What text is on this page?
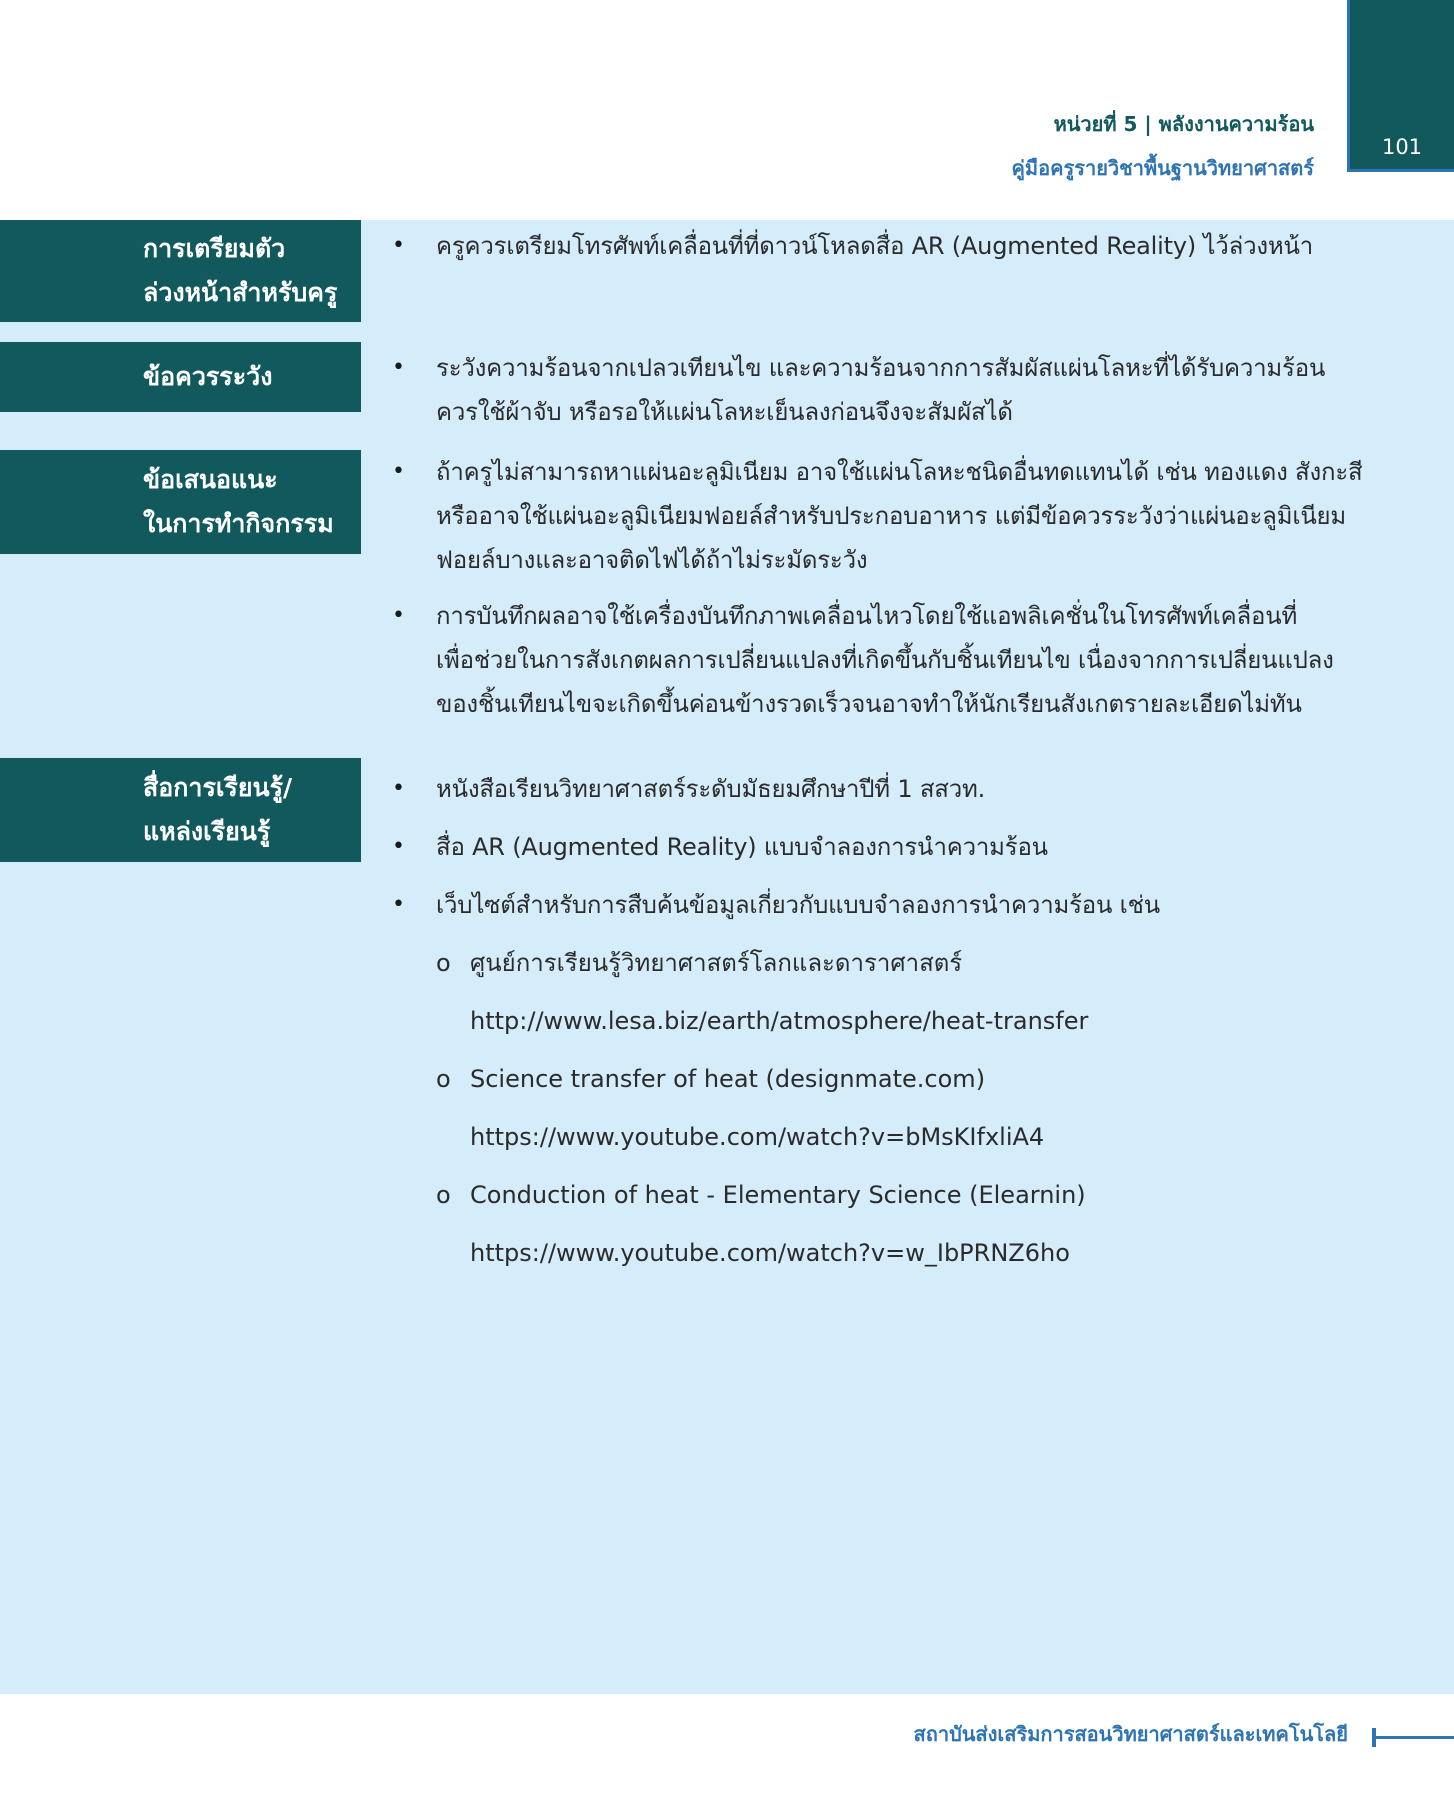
หน่วยที่ 5 | พลังงานความร้อน
คู่มือครูรายวิชาพื้นฐานวิทยาศาสตร์
101
การเตรียมตัว
ล่วงหน้าสำหรับครู
• ครูควรเตรียมโทรศัพท์เคลื่อนที่ที่ดาวน์โหลดสื่อ AR (Augmented Reality) ไว้ล่วงหน้า
ข้อควรระวัง	• ระวังความร้อนจากเปลวเทียนไข และความร้อนจากการสัมผัสแผ่นโลหะที่ได้รับความร้อน
ควรใช้ผ้าจับ หรือรอให้แผ่นโลหะเย็นลงก่อนจึงจะสัมผัสได้
ข้อเสนอแนะ
ในการทำกิจกรรม
• ถ้าครูไม่สามารถหาแผ่นอะลูมิเนียม อาจใช้แผ่นโลหะชนิดอื่นทดแทนได้ เช่น ทองแดง สังกะสี
หรืออาจใช้แผ่นอะลูมิเนียมฟอยล์สำหรับประกอบอาหาร แต่มีข้อควรระวังว่าแผ่นอะลูมิเนียม
ฟอยล์บางและอาจติดไฟได้ถ้าไม่ระมัดระวัง
• การบันทึกผลอาจใช้เครื่องบันทึกภาพเคลื่อนไหวโดยใช้แอพลิเคชั่นในโทรศัพท์เคลื่อนที่
เพื่อช่วยในการสังเกตผลการเปลี่ยนแปลงที่เกิดขึ้นกับชิ้นเทียนไข เนื่องจากการเปลี่ยนแปลง
ของชิ้นเทียนไขจะเกิดขึ้นค่อนข้างรวดเร็วจนอาจทำให้นักเรียนสังเกตรายละเอียดไม่ทัน
สื่อการเรียนรู้/
แหล่งเรียนรู้
• หนังสือเรียนวิทยาศาสตร์ระดับมัธยมศึกษาปีที่ 1 สสวท.
• สื่อ AR (Augmented Reality) แบบจำลองการนำความร้อน
• เว็บไซต์สำหรับการสืบค้นข้อมูลเกี่ยวกับแบบจำลองการนำความร้อน เช่น
o ศูนย์การเรียนรู้วิทยาศาสตร์โลกและดาราศาสตร์
http://www.lesa.biz/earth/atmosphere/heat-transfer
o Science transfer of heat (designmate.com)
https://www.youtube.com/watch?v=bMsKIfxliA4
o Conduction of heat - Elementary Science (Elearnin)
https://www.youtube.com/watch?v=w_IbPRNZ6ho
สถาบันส่งเสริมการสอนวิทยาศาสตร์และเทคโนโลยี
